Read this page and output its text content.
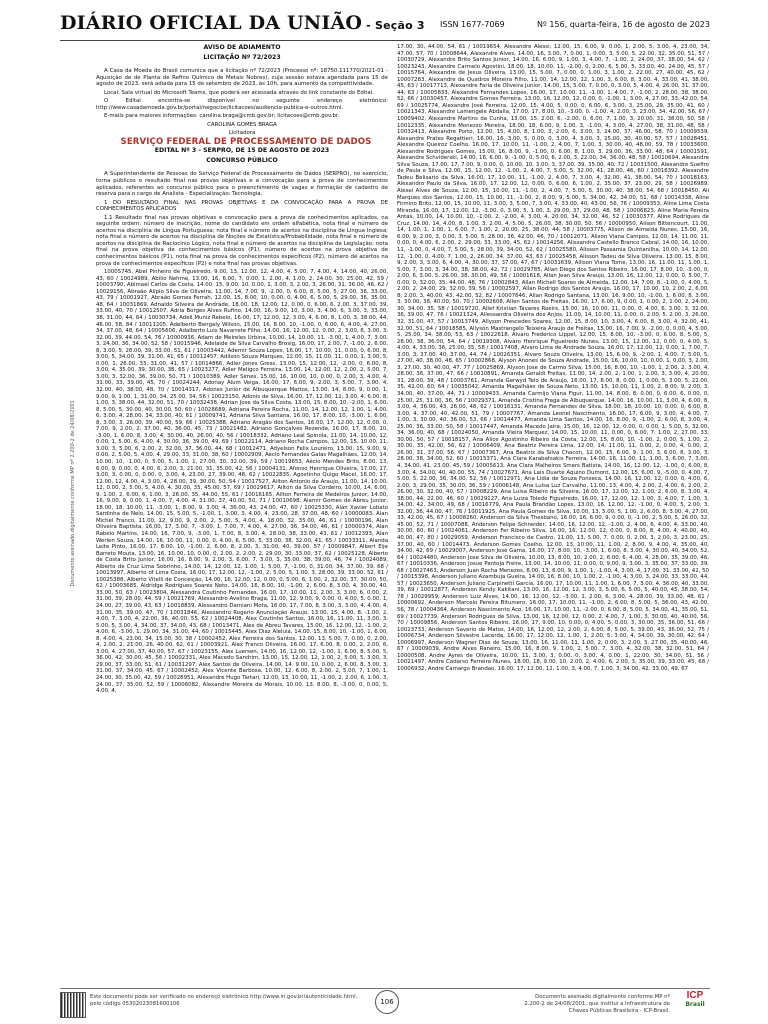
DIÁRIO OFICIAL DA UNIÃO - Seção 3 ISSN 1677-7069	Nº 156, quarta-feira, 16 de agosto de 2023
Documento assinado digitalmente conforme MP nº 2.200-2 de 24/08/2001

AVISO DE ADIAMENTO

LICITAÇÃO Nº 72/2023

A Casa da Moeda do Brasil comunica que a licitação nº 72/2023 (Processo nº: 18750.111770/2021-01 - Aquisição de de Planta de Refino Químico de Metais Nobres), cuja sessão estava agendada para 15 de agosto de 2023, será adiada para 15 de setembro de 2023, às 10h, para aumento da competitividade.

Local: Sala virtual do Microsoft Teams, que poderá ser acessada através do link constante do Edital.

O Edital encontra-se disponível no seguinte endereço eletrônico: http://www.casadamoeda.gov.br/portal/negocios/licitacoes/audiencia-publica-e-outros.html.

E-mails para maiores informações: carolina.braga@cmb.gov.br; licitacoes@cmb.gov.br.

CAROLINA GOMES BRAGA

Licitadora

SERVIÇO FEDERAL DE PROCESSAMENTO DE DADOS

EDITAL Nº 3 - SERPRO, DE 15 DE AGOSTO DE 2023

CONCURSO PÚBLICO

A Superintendente de Pessoas do Serviço Federal de Processamento de Dados (SERPRO), no exercício, torna públicos o resultado final nas provas objetivas e a convocação para a prova de conhecimentos aplicados, referentes ao concurso público para o preenchimento de vagas e formação de cadastro de reserva para o cargo de Analista - Especialização: Tecnologia.

1 DO RESULTADO FINAL NAS PROVAS OBJETIVAS E DA CONVOCAÇÃO PARA A PROVA DE CONHECIMENTOS APLICADOS

1.1 Resultado final nas provas objetivas e convocação para a prova de conhecimentos aplicados, na seguinte ordem: número de inscrição, nome do candidato em ordem alfabética, nota final e número de acertos na disciplina de Língua Portuguesa; nota final e número de acertos na disciplina de Língua Inglesa; nota final e número de acertos na disciplina de Noções de Estatística/Probabilidade, nota final e número de acertos na disciplina de Raciocínio Lógico, nota final e número de acertos na disciplina de Legislação; nota final na prova objetiva de conhecimentos básicos (P1), número de acertos na prova objetiva de conhecimentos básicos (P1), nota final na prova de conhecimentos específicos (P2), número de acertos na prova de conhecimentos específicos (P2) e nota final nas provas objetivas.

10005745, Abel Pinheiro de Figueiredo, 9.00, 13, 12.00, 12, 4.00, 4, 5.00, 7, 4.00, 4, 14.00, 40, 26.00, 43, 60 / 10024989, Abílio Nehme, 13.00, 16, 6.00, 7, 0.00, 1, 2.00, 4, 1.00, 2, 24.00, 30, 25.00, 42, 59 / 10003790, Abimael Carlos de Costa, 14.00, 15, 9.00, 10, 0.00, 1, 3.00, 3, 2.00, 3, 26.00, 31, 36.00, 46, 62 / 10029156, Abraão Alipio Silva de Oliveira, 11.00, 14, 7.00, 9, -2.00, 0, 6.00, 8, 5.00, 5, 27.00, 36, 33.00, 43, 79 / 10001927, Abraão Gomes Ferrah, 12.00, 15, 8.00, 10, 0.00, 0, 4.00, 6, 5.00, 5, 29.00, 36, 35.00, 48, 64 / 10031869, Adnaldo Silveira de Andrade, 18.00, 18, 12.00, 12, 0.00, 0, 6.00, 6, 2.00, 3, 37.00, 39, 33.00, 40, 70 / 10012507, Adria Borges Alves Rufino, 14.00, 16, 9.00, 10, 3.00, 3, 4.00, 6, 3.00, 3, 33.00, 38, 31.00, 44, 64 / 10030734, Adeli Muniz Rebelo, 16.00, 17, 12.00, 12, 3.00, 4, 6.00, 8, 1.00, 3, 38.00, 44, 46.00, 58, 84 / 10011205, Adelberto Bengaly Wilson, 15.00, 16, 8.00, 10, -1.00, 0, 6.00, 6, 4.00, 4, 27.00, 34, 37.00, 48, 64 / 10005606, Adalberto Luis Navarrete Filho, 14.00, 16, 12.00, 12, 0.00, 2, 3.00, 6, 3.00, 3, 32.00, 39, 44.00, 54, 76 / 10000936, Adam de Meireles Urbina, 10.00, 14, 10.00, 11, -3.00, 1, 4.00, 7, 3.00, 3, 24.00, 36, 34.00, 52, 58 / 10015946, Adelaide de Silva Carvalho Brosig, 16.00, 17, 2.00, 7, -1.00, 2, 6.00, 8, 3.00, 5, 28.00, 39, 33.00, 51, 61 / 10003442, Ademir Souza Lopes, 16.00, 17, 10.00, 11, 0.00, 0, 6.00, 8, 3.00, 5, 34.00, 39, 31.00, 41, 65 / 10012457, Adilson Souza Marques, 12.00, 15, 11.00, 11, 0.00, 1, 3.00, 5, 0.00, 1, 26.00, 33, 31.00, 41, 57 / 10014866, Adler Jones Gress, 13.00, 15, 12.00, 12, -2.00, 0, 6.00, 8, 3.00, 4, 35.00, 39, 30.00, 38, 65 / 10023277, Adler Meligco Ferreira, 13.00, 14, 12.00, 12, 2.00, 2, 5.00, 7, 3.00, 3, 32.00, 36, 39.00, 50, 71 / 10010389, Adler Simes, 15.00, 16, 10.00, 10, 0.00, 0, 2.00, 3, 4.00, 4, 31.00, 33, 39.00, 45, 70 / 10024244, Adonay Alum Veiga, 16.00, 17, 6.00, 9, 2.00, 3, 5.00, 7, 3.00, 4, 32.00, 40, 38.00, 48, 70 / 10014317, Adones Junior de Albuquerque Mattos, 13.00, 14, 8.00, 9, 0.00, 1, 9.00, 9, 1.00, 1, 31.00, 34, 25.00, 34, 56 / 10023150, Adonis de Silva, 16.00, 17, 12.00, 12, 3.00, 4, 6.00, 8, 1.00, 3, 38.00, 44, 32.00, 51, 70 / 10032438, Adrian Jose da Silva Costa, 13.00, 15, 8.00, 10, -2.00, 1, 6.00, 8, 5.00, 5, 30.00, 40, 30.00, 50, 60 / 10028689, Adriana Pereira Rocha, 11.00, 14, 12.00, 12, 1.00, 1, 4.00, 6, 3.00, 4, 28.00, 34, 33.00, 40, 61 / 10009741, Adriana Silva Santana, 16.00, 17, 8.00, 10, -3.00, 1, 6.00, 8, 3.00, 3, 26.00, 39, 40.00, 59, 66 / 10025388, Adriano Aragão dos Santos, 16.00, 17, 12.00, 12, 0.00, 0, 7.00, 9, 2.00, 2, 37.00, 40, 36.00, 45, 73 / 10021482, Adriano Gonçalves Rezende, 16.00, 17, 8.00, 10, -3.00, 1, 6.00, 8, 3.00, 4, 30.00, 40, 26.00, 40, 56 / 10018332, Adriano Leal Spinola, 11.00, 14, 10.00, 12, 0.00, 1, 5.00, 6, 4.00, 4, 30.00, 36, 39.00, 49, 69 / 10022114, Adriano Rocha Campos, 12.00, 15, 10.00, 11, 3.00, 3, 5.00, 6, 2.00, 2, 32.00, 37, 36.00, 44, 68 / 10012471, Adyelson Felix Loureiro, 13.00, 15, 9.00, 9, 0.00, 2, 5.00, 5, 4.00, 4, 29.00, 33, 31.00, 38, 60 / 10002909, Aécio Fernandes Galas Magalhães, 12.00, 14, 10.00, 10, -1.00, 0, 5.00, 5, 1.00, 1, 27.00, 30, 32.00, 39, 59 / 10019653, Aécio Mendes Brito, 8.00, 13, 6.00, 9, 0.00, 0, 4.00, 6, 2.00, 3, 21.00, 31, 35.00, 42, 56 / 10004131, Afonso Henrique Oliveira, 17.00, 17, 3.00, 3, 0.00, 0, 0.00, 0, 3.00, 4, 23.00, 27, 39.00, 48, 62 / 10022835, Agostinho Quigo Macel, 16.00, 17, 12.00, 12, 4.00, 4, 3.00, 4, 28.00, 39, 30.00, 50, 54 / 10017527, Ailton Antonio de Araujo, 11.00, 14, 10.00, 12, 0.00, 2, 5.00, 5, 4.00, 4, 30.00, 35, 45.00, 57, 69 / 10029617, Ailton da Silva Cordeiro, 10.00, 14, 6.00, 9, 1.00, 2, 6.00, 6, 1.00, 3, 26.00, 35, 44.00, 55, 61 / 10016165, Ailton Ferreira de Medeiros Junior, 14.00, 16, 9.00, 9, 0.00, 1, 4.00, 7, 4.00, 4, 31.00, 37, 40.00, 50, 71 / 10010698, Alamir Gomes de Abreu Junior, 18.00, 18, 10.00, 11, -3.00, 1, 8.00, 9, 3.00, 4, 36.00, 43, 24.00, 47, 60 / 10025330, Alan Xavier Lobato Sardinha de Nelo, 14.00, 15, 5.00, 5, -1.00, 1, 3.00, 3, 4.00, 4, 23.00, 28, 37.00, 48, 60 / 10000083, Alan Michel Franco, 11.00, 12, 9.00, 9, 2.00, 2, 5.00, 5, 4.00, 4, 18.00, 32, 35.00, 46, 61 / 10000196, Alan Oliveira Baptista, 16.00, 17, 3.00, 7, -3.00, 1, 7.00, 7, 4.00, 4, 27.00, 36, 34.00, 46, 61 / 10000374, Alan Rabelo Martins, 14.00, 16, 7.00, 9, -3.00, 1, 7.00, 8, 3.00, 4, 28.00, 38, 33.00, 43, 61 / 10012393, Alan Werlen Souza, 14.00, 16, 10.00, 11, 0.00, 0, 4.00, 6, 5.00, 5, 33.00, 38, 32.00, 41, 65 / 10033311, Alanda Leite Pinto, 16.00, 17, 8.00, 10, -1.00, 2, 6.00, 8, 2.00, 3, 31.00, 40, 39.00, 57 / 10009847, Albert Eije Barreto Mouta, 13.00, 16, 10.00, 10, 0.00, 0, 2.00, 2, 2.00, 2, 29.00, 30, 33.00, 37, 62 / 10025128, Alberto de Costa Brito Junior, 16.00, 16, 8.00, 9, 2.00, 3, 6.00, 7, 3.00, 3, 35.00, 38, 39.00, 46, 74 / 10024089, Alberto de Cruz Lima Sobrinho, 14.00, 14, 12.00, 12, 1.00, 1, 5.00, 7, -1.00, 0, 31.00, 34, 37.00, 39, 68 / 10013997, Alberto of Lima Costa, 16.00, 17, 12.00, 12, -1.00, 2, 5.00, 5, 1.00, 3, 28.00, 39, 33.00, 52, 61 / 10025388, Alberto Vitelli de Conceição, 14.00, 16, 12.00, 12, 0.00, 0, 5.00, 6, 1.00, 2, 32.00, 37, 30.00, 50, 62 / 10003685, Aldridge Rodrigues Soares Neto, 14.00, 16, 8.00, 10, -1.00, 2, 6.00, 8, 3.00, 4, 30.00, 40, 33.00, 50, 63 / 10023804, Alessandra Coutinho Fernandes, 16.00, 17, 10.00, 11, 2.00, 3, 3.00, 6, 0.00, 2, 31.00, 39, 28.00, 44, 59 / 10021769, Alessandro Avelino Braga, 11.00, 12, 9.00, 9, 0.00, 0, 4.00, 5, 0.00, 1, 24.00, 27, 39.00, 43, 63 / 10018839, Alessandro Damiani Mota, 16.00, 17, 7.00, 8, 3.00, 3, 3.00, 4, 4.00, 4, 31.00, 35, 39.00, 47, 70 / 10031846, Alessandro Rogerio Anunciação Araujo, 13.00, 15, 4.00, 8, -1.00, 2, 4.00, 7, 3.00, 4, 22.00, 36, 40.00, 55, 62 / 10024408, Alex Coutinho Santos, 16.00, 16, 11.00, 11, 3.00, 3, 5.00, 5, 3.00, 4, 34.00, 37, 34.00, 43, 68 / 10013471, Alex de Abreu Tavares, 15.00, 16, 12.00, 12, -1.00, 2, 4.00, 6, -3.00, 1, 29.00, 34, 31.00, 44, 60 / 10015445, Alex Diaz Aleluia, 14.00, 15, 8.00, 10, -1.00, 1, 6.00, 8, 4.00, 4, 23.00, 34, 15.00, 30, 38 / 10002452, Alex Ferreira dos Santos, 12.00, 13, 5.00, 7, 0.00, 0, 2.00, 4, 2.00, 2, 21.00, 26, 40.00, 62, 61 / 10003921, Alex Franco Oliveira, 16.00, 17, 6.00, 8, 0.00, 2, 2.00, 6, 3.00, 4, 27.00, 37, 40.00, 57, 67 / 10023155, Alex Luersen, 14.00, 16, 12.00, 12, -1.00, 1, 6.00, 8, 5.00, 5, 36.00, 42, 30.00, 45, 56 / 10002331, Alex Macedo Sandrim, 13.00, 15, 12.00, 12, 1.00, 2, 5.00, 5, 3.00, 3, 29.00, 37, 33.00, 51, 61 / 10031297, Alex Santos de Oliveira, 14.00, 14, 9.00, 10, 0.00, 2, 6.00, 8, 3.00, 3, 31.00, 37, 34.00, 45, 67 / 10002452, Alex Vicente Barbosa, 10.00, 12, 6.00, 8, 2.00, 2, 5.00, 7, 1.00, 1, 24.00, 30, 35.00, 42, 59 / 10028951, Alexandre Hugo Tartari, 12.00, 13, 10.00, 11, -1.00, 2, 2.00, 6, 1.00, 3, 24.00, 37, 35.00, 52, 59 / 10006082, Alexandre Moreira de Morais, 10.00, 13, 8.00, 8, -3.00, 0, 0.00, 5, 4.00, 4,

17.00, 30, 44.00, 54, 61 / 10019654, Alexandre Alessi, 12.00, 15, 6.00, 9, 0.00, 1, 2.00, 5, 3.00, 4, 23.00, 34, 47.00, 57, 70 / 10008644, Alexandre Alves, 14.00, 16, 3.00, 7, 0.00, 1, 0.00, 3, 5.00, 5, 22.00, 32, 35.00, 51, 57 / 10030729, Alexandre Brito Santos Junior, 14.00, 16, 6.00, 9, 1.00, 3, 4.00, 7, -1.00, 2, 24.00, 37, 38.00, 54, 62 / 10023243, Alexandre Carmelo Agostini, 18.00, 18, 10.00, 11, -2.00, 0, 2.00, 6, 5.00, 5, 33.00, 40, 24.00, 45, 57 / 10015764, Alexandre de Jesus Oliveira, 13.00, 15, 5.00, 7, 0.00, 0, 1.00, 3, 1.00, 2, 22.00, 27, 40.00, 45, 62 / 10007283, Alexandre de Quadros Moreira Filho, 11.00, 14, 12.00, 12, 1.00, 3, 6.00, 8, 3.00, 4, 33.00, 41, 38.00, 45, 63 / 10017713, Alexandre Faria de Oliveira Junior, 14.00, 15, 5.00, 7, 0.00, 0, 3.00, 5, 4.00, 4, 26.00, 31, 37.00, 44, 63 / 10005833, Alexandre Fernandes Lopes, 16.00, 17, 10.00, 11, -1.00, 1, 4.00, 7, -1.00, 2, 28.00, 38, 38.00, 52, 66 / 10030457, Alexandre Gomes Ferreira, 13.00, 16, 12.00, 12, 0.00, 0, -1.00, 1, 3.00, 4, 27.00, 33, 42.00, 54, 69 / 10025774, Alexandre José Ferreira, 12.00, 15, 4.00, 5, 0.00, 0, 6.00, 6, 3.00, 3, 25.00, 29, 35.00, 41, 60 / 10021343, Alexandre Lamengele Abdalla, 17.00, 17, 8.00, 10, -3.00, 0, -1.00, 4, 2.00, 3, 23.00, 34, 42.00, 56, 67 / 10009402, Alexandre Martins da Cunha, 13.00, 15, 2.00, 6, -2.00, 0, 6.00, 7, 1.00, 3, 20.00, 31, 38.00, 50, 58 / 10012335, Alexandre Monezzo Moreira, 18.00, 18, 6.00, 9, 1.00, 3, -1.00, 4, 3.00, 4, 27.00, 38, 31.00, 48, 58 / 10032413, Alexandre Porto, 12.00, 15, 4.00, 8, 1.00, 3, 2.00, 6, 3.00, 3, 24.00, 37, 46.00, 58, 70 / 10009539, Alexandre Prates Regattieri, 16.00, 16, 3.00, 5, 0.00, 0, 3.00, 4, 3.00, 3, 25.00, 30, 40.00, 57, 57 / 10028451, Alexandre Queiroz Coelho, 16.00, 17, 10.00, 11, -1.00, 2, 4.00, 7, 1.00, 3, 30.00, 40, 48.00, 59, 78 / 10033600, Alexandre Rodrigues Gomes, 15.00, 16, 8.00, 9, -1.00, 0, 6.00, 8, 1.00, 3, 29.00, 36, 33.00, 48, 64 / 10001591, Alexandre Schviderski, 14.00, 16, 6.00, 9, -1.00, 0, 5.00, 6, 2.00, 3, 22.00, 34, 36.00, 48, 58 / 10010694, Alexandre Silva Souza, 17.00, 17, 7.00, 9, 0.00, 0, 10.00, 10, 3.00, 3, 37.00, 39, 35.00, 40, 72 / 10031500, Alexandre Suefiro de Paula e Silva, 12.00, 15, 12.00, 12, -1.00, 2, 4.00, 7, 5.00, 5, 32.00, 41, 28.00, 46, 60 / 10016392, Alexandre Tadeu Belisario da Silva, 16.00, 17, 10.00, 11, -1.00, 2, 4.00, 7, 3.00, 4, 32.00, 41, 38.00, 54, 70 / 10018163, Alexandro Paulo da Silva, 16.00, 17, 12.00, 12, 0.00, 0, 6.00, 6, 1.00, 2, 35.00, 37, 23.00, 29, 58 / 10026989, Alexei Alves de Souza, 12.00, 15, 10.00, 11, -1.00, 2, 4.00, 7, 5.00, 5, 30.00, 40, 38.00, 54, 68 / 10018450, Ali Marques dos Santos, 12.00, 15, 10.00, 11, -1.00, 2, 8.00, 9, 5.00, 5, 34.00, 42, 34.00, 51, 68 / 10014338, Aline Firmino Brito, 12.00, 15, 10.00, 11, 3.00, 3, 5.00, 7, 3.00, 4, 33.00, 40, 43.00, 56, 76 / 10009353, Aline Lima Costa Miranda, 16.00, 17, 12.00, 12, -3.00, 0, 3.00, 5, 1.00, 3, 29.00, 37, 29.00, 48, 58 / 10006823, Aline Maria Pereira Antas, 10.00, 14, 10.00, 10, -1.00, 2, -2.00, 4, 3.00, 4, 20.00, 34, 32.00, 46, 52 / 10030377, Aline Rodrigues de Cruz, 14.00, 14, 4.00, 8, 1.00, 3, 2.00, 4, 5.00, 5, 26.00, 38, 30.00, 50, 56 / 10000950, Alison Bittencourt, 11.00, 14, 1.00, 1, 1.00, 1, 6.00, 7, 1.00, 2, 20.00, 25, 38.00, 44, 58 / 10003775, Alison de Almeida Nunes, 15.00, 16, 6.00, 9, 2.00, 3, 0.00, 3, 5.00, 5, 28.00, 36, 42.00, 46, 70 / 10012071, Alison Viana Campos, 12.00, 14, 11.00, 11, 0.00, 0, 4.00, 6, 2.00, 2, 29.00, 33, 33.00, 45, 62 / 10014256, Alissandra Castello Branco Cabral, 14.00, 16, 10.00, 11, -1.00, 0, 4.00, 7, 5.00, 5, 28.00, 39, 34.00, 52, 62 / 10025580, Alisson Passamia Quintanilha, 10.00, 14, 12.00, 12, -1.00, 0, 4.00, 7, 1.00, 2, 26.00, 34, 37.00, 43, 63 / 10025458, Alisson Tadeu de Silva Oliveira, 13.00, 15, 8.00, 9, 2.00, 3, 3.00, 6, 4.00, 4, 30.00, 37, 37.00, 47, 67 / 10031639, Allison Viana Tome, 13.00, 16, 11.00, 11, 1.00, 1, 5.00, 7, 3.00, 3, 34.00, 38, 38.00, 42, 72 / 10029785, Allan Diego dos Santos Ribeiro, 16.00, 17, 8.00, 10, -3.00, 0, 2.00, 6, 3.00, 5, 26.00, 38, 30.00, 49, 56 / 10001618, Allan Jean Silva Araujo, 13.00, 16, 12.00, 12, 0.00, 0, 5.00, 7, 0.00, 0, 32.00, 35, 44.00, 48, 76 / 10002843, Allan Michell Soares de Almeida, 12.00, 14, 7.00, 8, -1.00, 0, 4.00, 5, 2.00, 2, 24.00, 29, 32.00, 39, 56 / 10002597, Allan Rodrigo dos Santos Araujo, 16.00, 17, 10.00, 10, 2.00, 2, 6.00, 8, 2.00, 3, 40.00, 43, 42.00, 52, 82 / 10007646, Allan Rodrigo Santana, 13.00, 16, 9.00, 10, -1.00, 1, 6.00, 8, 3.00, 3, 30.00, 38, 40.00, 50, 70 / 10002608, Allen Santos de Freitas, 16.00, 17, 6.00, 9, 0.00, 1, 0.00, 2, 1.00, 2, 24.00, 30, 34.00, 35, 58 / 10019720, Allef Kristian Tavares Roeirs, 15.00, 16, 10.00, 11, 0.00, 0, 4.00, 6, 3.00, 3, 32.00, 36, 39.00, 47, 76 / 10021324, Allessandra Oliveira dos Anjos, 11.00, 14, 10.00, 11, 0.00, 0, 2.00, 5, 2.00, 3, 26.00, 32, 31.00, 47, 57 / 10013749, Allyson Prescedes Soares, 12.00, 15, 8.00, 10, 3.00, 4, 6.00, 8, 3.00, 4, 32.00, 41, 32.00, 51, 64 / 10018585, Allyson Mastrangelo Teixeira Araujo de Freitas, 15.00, 16, 7.00, 9, -2.00, 0, 0.00, 4, 5.00, 5, 25.00, 34, 38.00, 53, 63 / 10022618, Alvaro Frederico Lippel, 12.00, 15, 8.00, 10, -3.00, 0, 6.00, 8, 5.00, 5, 28.00, 38, 36.00, 54, 64 / 10019308, Alvaro Henrique Figueiredo Nunes, 13.00, 15, 12.00, 12, 0.00, 0, 4.00, 5, 4.00, 4, 33.00, 36, 25.00, 35, 58 / 10017408, Alvaro Lima de Andrade Souza, 16.00, 17, 12.00, 12, 0.00, 1, 7.00, 7, 3.00, 3, 37.00, 40, 37.00, 44, 74 / 10026351, Alvaro Souza Oliveira, 13.00, 15, 6.00, 9, -2.00, 1, 4.00, 7, 5.00, 5, 27.00, 40, 38.00, 48, 65 / 10002868, Alyson Anones de Souza Andrade, 15.00, 16, 10.00, 10, 0.00, 1, 0.00, 3, 2.00, 3, 27.00, 30, 40.00, 47, 77 / 10025869, Alyson Jose de Carmo Silva, 15.00, 16, 8.00, 10, -1.00, 1, 2.00, 2, 3.00, 4, 28.00, 36, 37.00, 47, 66 / 10010891, Amanda Geraldi Freitas, 11.00, 14, 2.00, 2, 1.00, 1, 2.00, 3, 3.00, 4, 20.00, 31, 28.00, 39, 48 / 10003761, Amanda Gerwyd Telo de Araujo, 16.00, 17, 8.00, 8, 0.00, 1, 0.00, 5, 3.00, 5, 22.00, 35, 42.00, 60, 64 / 10035042, Amanda Magalhães de Souza Neto, 13.00, 15, 10.00, 11, 1.00, 2, 8.00, 9, 2.00, 3, 34.00, 40, 37.00, 44, 71 / 10009433, Amanda Carmijo Viana Figur, 11.00, 14, 8.00, 8, 0.00, 0, 6.00, 6, 0.00, 0, 25.00, 25, 31.00, 36, 56 / 10029371, Amanda Cristina Fraga de Albuquerque, 14.00, 16, 10.00, 11, 3.00, 4, 6.00, 8, 3.00, 4, 36.00, 43, 26.00, 48, 62 / 10016131, Amanda Fernandes de Silva, 18.00, 18, 10.00, 10, 0.00, 0, 6.00, 8, 3.00, 4, 37.00, 40, 42.00, 51, 79 / 10007767, Amanda Leonel Nascimento, 16.00, 17, 6.00, 9, 3.00, 4, 4.00, 7, 1.00, 3, 30.00, 40, 36.00, 53, 66 / 10014477, Amanda Lima Santos, 14.00, 16, 8.00, 9, -1.00, 2, 6.00, 8, 3.00, 4, 25.00, 36, 33.00, 50, 58 / 10017447, Amanda Macedo Jaira, 15.00, 16, 12.00, 12, 0.00, 0, 0.00, 1, 5.00, 5, 32.00, 34, 36.00, 40, 68 / 10024050, Amanda Vieira Marquez, 14.00, 15, 10.00, 11, 0.00, 0, 6.00, 7, 1.00, 2, 27.00, 33, 30.00, 50, 57 / 10018157, Ana Alice Agostinho Ribeiro da Costa, 12.00, 15, 8.00, 10, -1.00, 2, 0.00, 5, 1.00, 2, 30.00, 35, 42.00, 56, 62 / 10006409, Ana Beatriz Pereira Lima, 12.00, 14, 11.00, 11, 0.00, 2, 0.00, 4, 0.00, 2, 26.00, 31, 37.00, 56, 67 / 10007367, Ana Beatriz da Silva Chacon, 12.00, 15, 6.00, 9, 1.00, 3, 6.00, 8, 3.00, 3, 28.00, 38, 34.00, 52, 60 / 10015371, Ana Clara Karabatsakis Ferreira, 14.00, 16, 11.00, 11, 1.00, 3, 6.00, 7, 3.00, 4, 34.00, 41, 23.00, 45, 59 / 10005613, Ana Clara Malheiros Smers Batista, 14.00, 16, 12.00, 12, -1.00, 0, 6.00, 8, 3.00, 4, 34.00, 40, 40.00, 55, 74 / 10027671, Ana Lais Duarte Aquino Dumont, 12.00, 15, 6.00, 9, -5.00, 0, 4.00, 7, 5.00, 5, 22.00, 36, 34.00, 52, 56 / 10012971, Ana Lidia de Souza Fonseca, 14.00, 16, 12.00, 12, 0.00, 0, 4.00, 6, 2.00, 3, 29.00, 35, 30.00, 36, 59 / 10006148, Ana Luisa Luz Carvalho, 11.00, 13, 4.00, 4, 2.00, 2, 4.00, 6, 2.00, 2, 26.00, 30, 32.00, 40, 57 / 10008229, Ana Luisa Ribeiro da Silveira, 16.00, 17, 12.00, 12, 1.00, 2, 6.00, 8, 3.00, 4, 38.00, 44, 22.00, 46, 60 / 10029127, Ana Luiza Toledo Figueiredo, 16.00, 17, 12.00, 12, 1.00, 3, 4.00, 7, 1.00, 3, 34.00, 42, 34.00, 49, 68 / 10016779, Ana Paula Brandão Lopes, 13.00, 16, 12.00, 12, -1.00, 0, 4.00, 5, 2.00, 3, 32.00, 36, 44.00, 47, 76 / 10011925, Ana Paula Gomes de Silva, 10.00, 13, 5.00, 5, 1.00, 2, 6.00, 8, 3.00, 4, 27.00, 33, 42.00, 45, 67 / 10008260, Anderson da Silva Thesbano, 16.00, 16, 6.00, 9, 0.00, 0, -1.00, 2, 5.00, 5, 26.00, 32, 45.00, 52, 71 / 10007088, Anderson Felipe Schneider, 14.00, 16, 12.00, 12, -1.00, 2, 4.00, 6, 4.00, 4, 33.00, 40, 30.00, 60, 60 / 10024061, Anderson Fer Ribeiro Silva, 16.00, 16, 12.00, 12, 0.00, 0, 8.00, 8, 4.00, 4, 40.00, 40, 40.00, 47, 80 / 10029059, Anderson Francisco de Castro, 11.00, 13, 5.00, 7, 0.00, 0, 2.00, 3, 2.00, 3, 23.00, 25, 37.00, 40, 60 / 10014473, Anderson Gomes Coelho, 12.00, 13, 10.00, 11, 1.00, 2, 8.00, 9, 4.00, 4, 35.00, 40, 34.00, 42, 69 / 10029007, Anderson José Gama, 16.00, 17, 8.00, 10, -3.00, 1, 6.00, 8, 3.00, 4, 30.00, 40, 34.00, 52, 64 / 10024480, Anderson Jose Silva de Oliveira, 10.00, 13, 8.00, 10, 2.00, 2, 6.00, 6, 4.00, 4, 28.00, 35, 39.00, 46, 67 / 10010336, Anderson Josue Pantoja Freire, 13.00, 14, 10.00, 11, 0.00, 0, 9.00, 9, 3.00, 3, 35.00, 37, 33.00, 39, 68 / 10027463, Anderson Juan Rocha Menezes, 8.00, 13, 6.00, 9, 1.00, 1, -1.00, 4, 3.00, 4, 17.00, 31, 33.00, 42, 50 / 10015398, Anderson Juliano Azambuja Gueira, 14.00, 16, 8.00, 10, 1.00, 2, -1.00, 4, 3.00, 3, 24.00, 33, 33.00, 44, 57 / 10023650, Anderson Juliano Carpinetti Garcia, 16.00, 17, 10.00, 11, 1.00, 1, 6.00, 7, 3.00, 4, 36.00, 40, 33.00, 39, 69 / 10012877, Anderson Kendy Kakitani, 13.00, 16, 12.00, 12, 3.00, 3, 5.00, 6, 5.00, 5, 40.00, 45, 38.00, 54, 78 / 10029959, Anderson Luiz Alves, 14.00, 16, 12.00, 12, -3.00, 1, 2.00, 6, 3.00, 4, 28.00, 39, 33.00, 48, 61 / 10000692, Anderson Marcelo Pereira Bitumero, 16.00, 17, 10.00, 11, -1.00, 2, 6.00, 8, 5.00, 5, 36.00, 43, 42.00, 56, 78 / 10004364, Anderson Nascimento Aco, 16.00, 17, 10.00, 11, -2.00, 0, 6.00, 8, 5.00, 5, 34.00, 41, 35.00, 51, 69 / 10027739, Anderson Rodrigues de Silva, 13.00, 16, 12.00, 12, 0.00, 2, 4.00, 7, 1.00, 3, 30.00, 40, 40.00, 56, 70 / 10009856, Anderson Santos Ribeiro, 16.00, 17, 9.00, 10, 0.00, 0, 4.00, 5, 0.00, 3, 30.00, 35, 36.00, 51, 66 / 10023733, Anderson Saverio de Matos, 14.00, 16, 12.00, 12, 2.00, 2, 6.00, 8, 5.00, 5, 39.00, 43, 36.00, 52, 75 / 10006734, Anderson Silvestre Lacerda, 16.00, 17, 12.00, 12, 1.00, 1, 2.00, 5, 3.00, 4, 34.00, 39, 30.00, 42, 64 / 10006997, Anderson Wagner Dias de Souza, 13.00, 16, 11.00, 11, 1.00, 2, 0.00, 3, 2.00, 3, 27.00, 35, 40.00, 46, 67 / 10009039, Andre Alves Raneiro, 15.00, 16, 8.00, 9, 1.00, 2, 5.00, 7, 3.00, 4, 32.00, 38, 32.00, 51, 64 / 10000508, Andre Ayres de Oliveira, 10.00, 11, 3.00, 3, 0.00, 0, 3.00, 4, 0.00, 1, 22.00, 30, 34.00, 51, 56 / 10021497, Andre Cadarso Ferreira Nunes, 18.00, 18, 9.00, 10, 2.00, 2, 4.00, 6, 2.00, 3, 35.00, 39, 33.00, 45, 68 / 10006932, Andre Camargo Brandao, 16.00, 17, 12.00, 12, 1.00, 3, 4.00, 7, 1.00, 3, 34.00, 42, 33.00, 49, 67

Este documento pode ser verificado no endereço eletrônico http://www.in.gov.br/autenticidade.html, pelo código 05302023081600106	106
Documento assinado digitalmente conforme MP nº 2.200-2 de 24/08/2001, que institui a Infraestrutura de Chaves Públicas Brasileira - ICP-Brasil.
ICP
Brasil
